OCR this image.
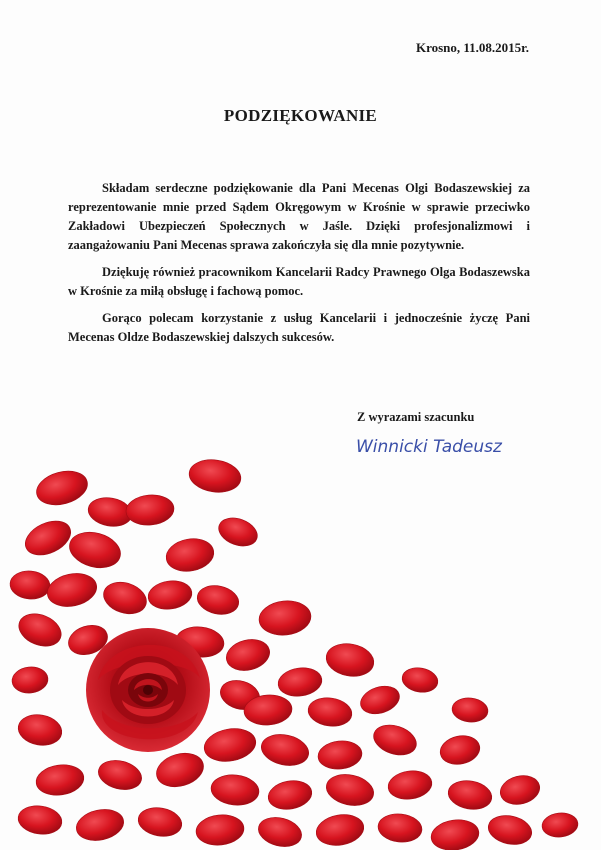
Krosno, 11.08.2015r.
PODZIĘKOWANIE

Składam serdeczne podziękowanie dla Pani Mecenas Olgi Bodaszewskiej za reprezentowanie mnie przed Sądem Okręgowym w Krośnie w sprawie przeciwko Zakładowi Ubezpieczeń Społecznych w Jaśle. Dzięki profesjonalizmowi i zaangażowaniu Pani Mecenas sprawa zakończyła się dla mnie pozytywnie.

Dziękuję również pracownikom Kancelarii Radcy Prawnego Olga Bodaszewska w Krośnie za miłą obsługę i fachową pomoc.

Gorąco polecam korzystanie z usług Kancelarii i jednocześnie życzę Pani Mecenas Oldze Bodaszewskiej dalszych sukcesów.

Z wyrazami szacunku
Winnicki Tadeusz
